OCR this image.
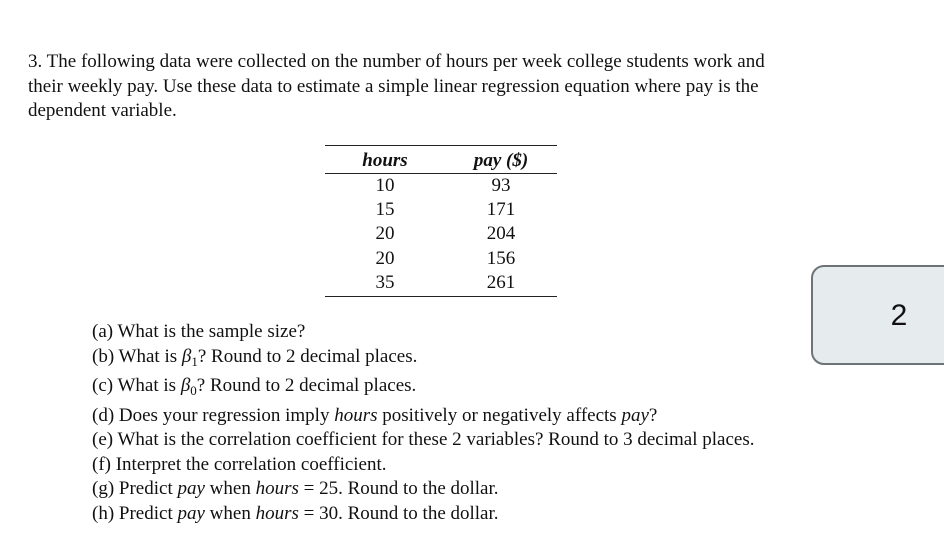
3. The following data were collected on the number of hours per week college students work and
their weekly pay. Use these data to estimate a simple linear regression equation where pay is the
dependent variable.
hours	pay ($)
10	93
15	171
20	204
20	156
35	261
(a) What is the sample size?
(b) What is $\beta_1$? Round to 2 decimal places.
(c) What is $\beta_0$? Round to 2 decimal places.
(d) Does your regression imply hours positively or negatively affects pay?
(e) What is the correlation coefficient for these 2 variables? Round to 3 decimal places.
(f) Interpret the correlation coefficient.
(g) Predict pay when hours = 25. Round to the dollar.
(h) Predict pay when hours = 30. Round to the dollar.
2
